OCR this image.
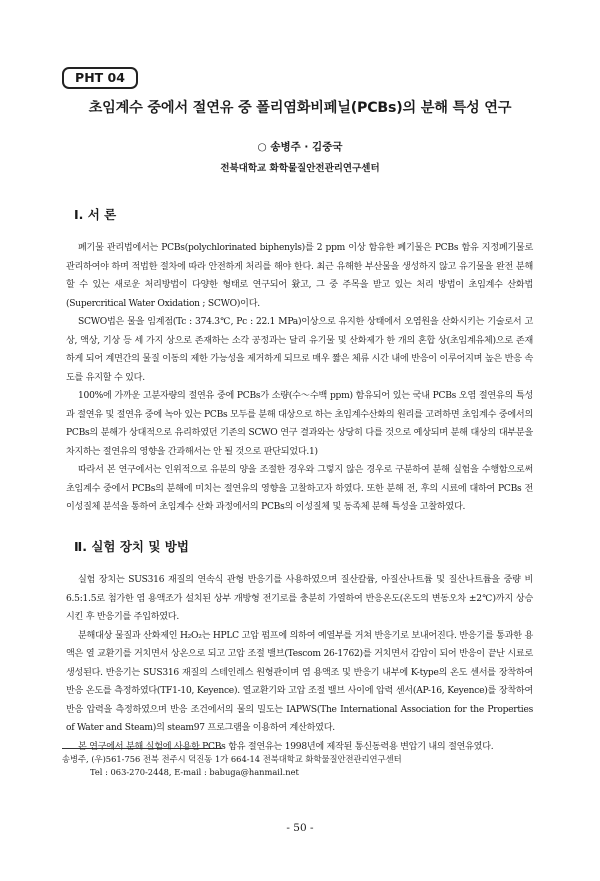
PHT 04
초임계수 중에서 절연유 중 폴리염화비페닐(PCBs)의 분해 특성 연구
○ 송병주 · 김중국
전북대학교 화학물질안전관리연구센터
Ⅰ. 서 론

폐기물 관리법에서는 PCBs(polychlorinated biphenyls)를 2 ppm 이상 함유한 폐기물은 PCBs 함유 지정폐기물로 관리하여야 하며 적법한 절차에 따라 안전하게 처리를 해야 한다. 최근 유해한 부산물을 생성하지 않고 유기물을 완전 분해할 수 있는 새로운 처리방법이 다양한 형태로 연구되어 왔고, 그 중 주목을 받고 있는 처리 방법이 초임계수 산화법(Supercritical Water Oxidation ; SCWO)이다.

SCWO법은 물을 임계점(Tc : 374.3℃, Pc : 22.1 MPa)이상으로 유지한 상태에서 오염원을 산화시키는 기술로서 고상, 액상, 기상 등 세 가지 상으로 존재하는 소각 공정과는 달리 유기물 및 산화제가 한 개의 혼합 상(초임계유체)으로 존재하게 되어 계면간의 물질 이동의 제한 가능성을 제거하게 되므로 매우 짧은 체류 시간 내에 반응이 이루어지며 높은 반응 속도를 유지할 수 있다.

100%에 가까운 고분자량의 절연유 중에 PCBs가 소량(수～수백 ppm) 함유되어 있는 국내 PCBs 오염 절연유의 특성과 절연유 및 절연유 중에 녹아 있는 PCBs 모두를 분해 대상으로 하는 초임계수산화의 원리를 고려하면 초임계수 중에서의 PCBs의 분해가 상대적으로 유리하였던 기존의 SCWO 연구 결과와는 상당히 다를 것으로 예상되며 분해 대상의 대부분을 차지하는 절연유의 영향을 간과해서는 안 될 것으로 판단되었다.1)

따라서 본 연구에서는 인위적으로 유분의 양을 조절한 경우와 그렇지 않은 경우로 구분하여 분해 실험을 수행함으로써 초임계수 중에서 PCBs의 분해에 미치는 절연유의 영향을 고찰하고자 하였다. 또한 분해 전, 후의 시료에 대하여 PCBs 전이성질체 분석을 통하여 초임계수 산화 과정에서의 PCBs의 이성질체 및 동족체 분해 특성을 고찰하였다.

Ⅱ. 실험 장치 및 방법

실험 장치는 SUS316 재질의 연속식 관형 반응기를 사용하였으며 질산칼륨, 아질산나트륨 및 질산나트륨을 중량 비 6.5:1.5로 첨가한 염 용액조가 설치된 상부 개방형 전기로를 충분히 가열하여 반응온도(온도의 변동오차 ±2℃)까지 상승시킨 후 반응기를 주입하였다.

분해대상 물질과 산화제인 H₂O₂는 HPLC 고압 펌프에 의하여 예열부를 거쳐 반응기로 보내어진다. 반응기를 통과한 용액은 열 교환기를 거치면서 상온으로 되고 고압 조절 밸브(Tescom 26-1762)를 거치면서 감압이 되어 반응이 끝난 시료로 생성된다. 반응기는 SUS316 재질의 스테인레스 원형관이며 염 용액조 및 반응기 내부에 K-type의 온도 센서를 장착하여 반응 온도를 측정하였다(TF1-10, Keyence). 열교환기와 고압 조절 밸브 사이에 압력 센서(AP-16, Keyence)를 장착하여 반응 압력을 측정하였으며 반응 조건에서의 물의 밀도는 IAPWS(The International Association for the Properties of Water and Steam)의 steam97 프로그램을 이용하여 계산하였다.

본 연구에서 분해 실험에 사용한 PCBs 함유 절연유는 1998년에 제작된 통신동력용 변압기 내의 절연유였다.

송병주, (우)561-756 전북 전주시 덕진동 1가 664-14 전북대학교 화학물질안전관리연구센터
Tel : 063-270-2448, E-mail : babuga@hanmail.net
- 50 -
